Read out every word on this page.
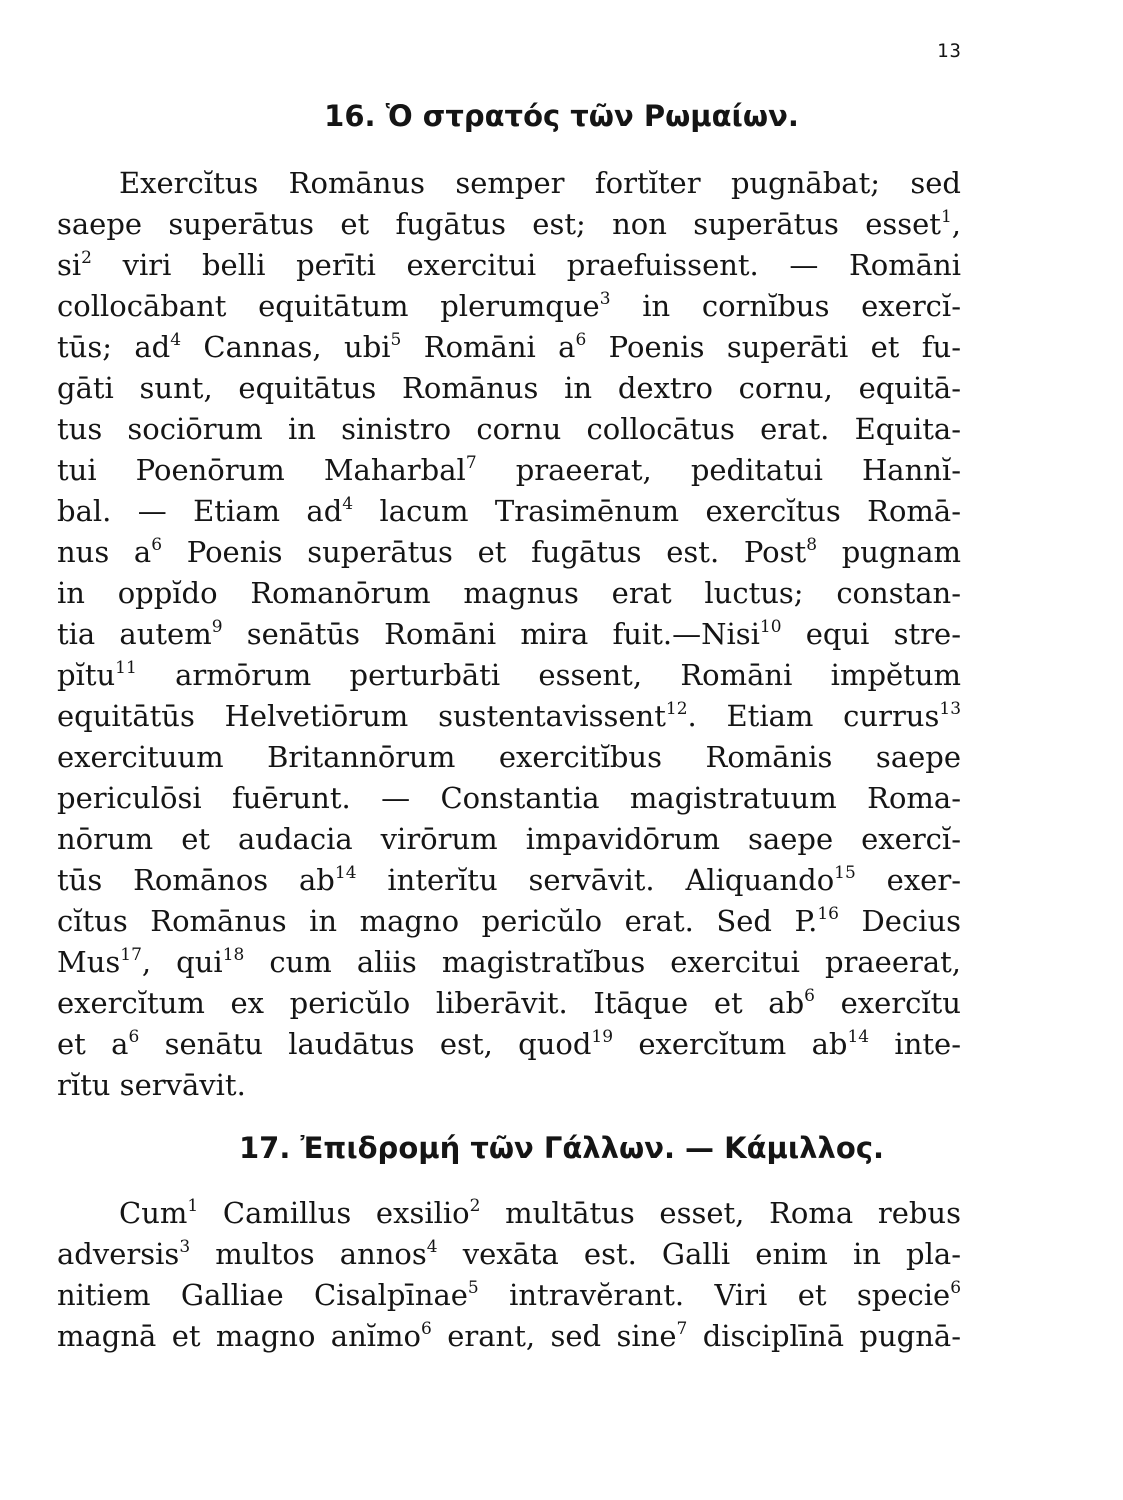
13
16. Ὁ στρατός τῶν Ρωμαίων.
Exercĭtus Romānus semper fortĭter pugnābat; sed
saepe superātus et fugātus est; non superātus esset$^1$,
$si^2$ viri belli perīti exercitui praefuissent. — Romāni
collocābant equitātum plerumque$^3$ in cornĭbus exercĭ-
tūs; $ad^4$ Cannas, ubi$^5$ Romāni $a^6$ Poenis superāti et fu-
gāti sunt, equitātus Romānus in dextro cornu, equitā-
tus sociōrum in sinistro cornu collocātus erat. Equita-
tui Poenōrum Maharbal$^7$ praeerat, peditatui Hannĭ-
bal. — Etiam $ad^4$ lacum Trasimēnum exercĭtus Romā-
nus $a^6$ Poenis superātus et fugātus est. Post$^8$ pugnam
in oppĭdo Romanōrum magnus erat luctus; constan-
tia autem$^9$ senātūs Romāni mira fuit.—Nisi$^{10}$ equi stre-
pĭtu$^{11}$ armōrum perturbāti essent, Romāni impĕtum
equitātūs Helvetiōrum sustentavissent$^{12}$. Etiam currus$^{13}$
exercituum Britannōrum exercitĭbus Romānis saepe
periculōsi fuērunt. — Constantia magistratuum Roma-
nōrum et audacia virōrum impavidōrum saepe exercĭ-
tūs Romānos $ab^{14}$ interĭtu servāvit. Aliquando$^{15}$ exer-
cĭtus Romānus in magno pericŭlo erat. Sed P.$^{16}$ Decius
Mus$^{17}$, qui$^{18}$ cum aliis magistratĭbus exercitui praeerat,
exercĭtum ex pericŭlo liberāvit. Itāque et $ab^6$ exercĭtu
et $a^6$ senātu laudātus est, quod$^{19}$ exercĭtum $ab^{14}$ inte-
rĭtu servāvit.
17. Ἐπιδρομή τῶν Γάλλων. — Κάμιλλος.
Cum$^1$ Camillus exsilio$^2$ multātus esset, Roma rebus
adversis$^3$ multos annos$^4$ vexāta est. Galli enim in pla-
nitiem Galliae Cisalpīnae$^5$ intravĕrant. Viri et specie$^6$
magnā et magno anĭmo$^6$ erant, sed sine$^7$ disciplīnā pugnā-
